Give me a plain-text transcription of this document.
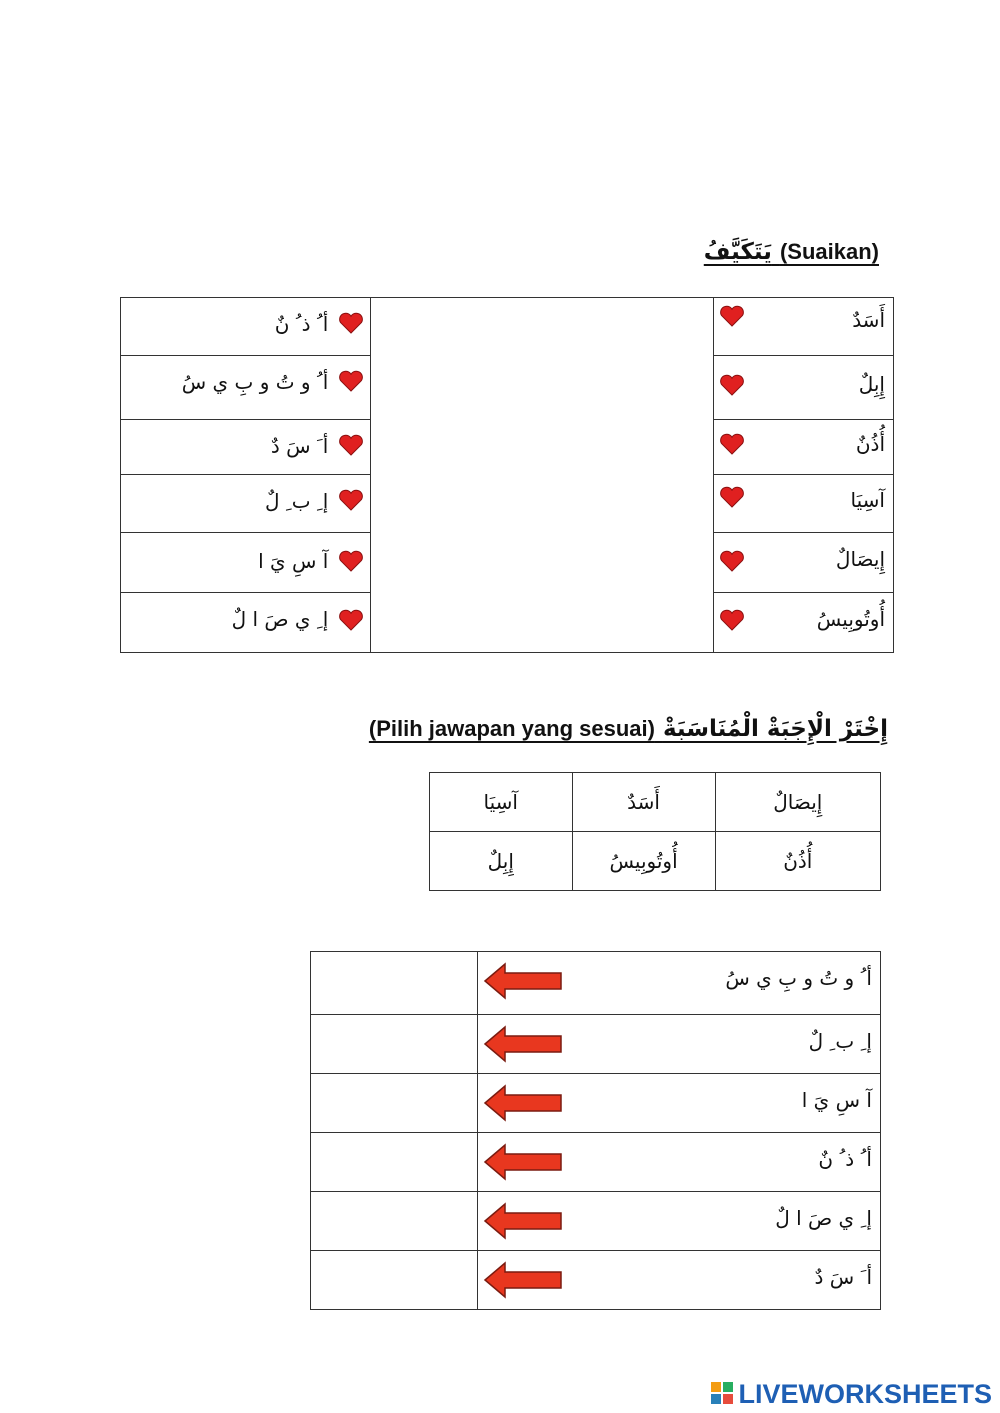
يَتَكَيَّفُ (Suaikan)
أ ُ ذ ُ نٌ		أَسَدٌ

أ ُ و تُ و بِ ي سُ		إِبِلٌ

أ َ سَ دٌ		أُذُنٌ

إ ِ ب ِ لٌ		آسِيَا

آ سِ يَ ا		إِيصَالٌ

إ ِ ي صَ ا لٌ		أُوتُوبِيسُ
(Pilih jawapan yang sesuai) إِخْتَرْ الْإِجَبَةْ الْمُنَاسَبَةْ
آسِيَا	أَسَدٌ	إِيصَالٌ
إِبِلٌ	أُوتُوبِيسُ	أُذُنٌ

	أ ُ و تُ و بِ ي سُ

	إ ِ ب ِ لٌ

	آ سِ يَ ا

	أ ُ ذ ُ نٌ

	إ ِ ي صَ ا لٌ

	أ َ سَ دٌ
LIVEWORKSHEETS
